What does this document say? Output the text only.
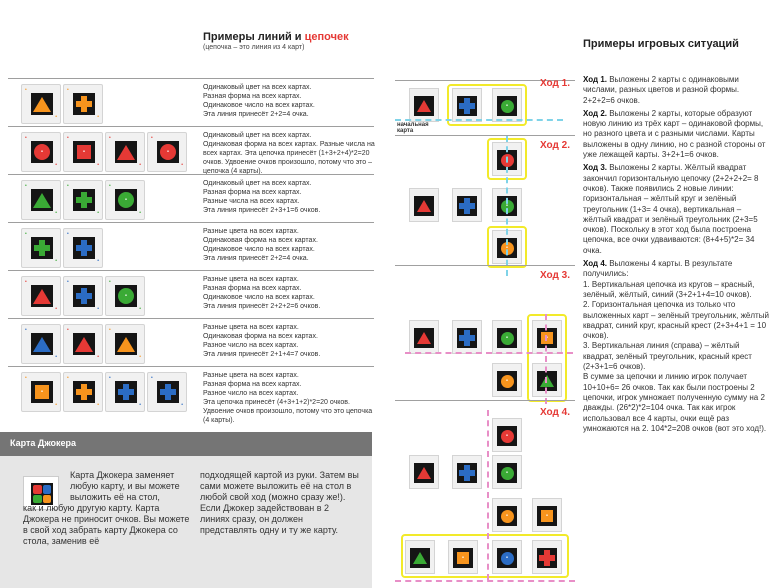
Примеры линий и цепочек
(цепочка – это линия из 4 карт)
•
•
•
•
Одинаковый цвет на всех картах.
Разная форма на всех картах.
Одинаковое число на всех картах.
Эта линия принесёт 2+2=4 очка.
•
•
•
•
•
•
•
•
•
•
•
Одинаковый цвет на всех картах.
Одинаковая форма на всех картах. Разные числа на всех картах. Эта цепочка принесёт (1+3+2+4)*2=20 очков. Удвоение очков произошло, потому что это – цепочка (4 карты).
•
•
•
•
•
•
•
Одинаковый цвет на всех картах.
Разная форма на всех картах.
Разные числа на всех картах.
Эта линия принесёт 2+3+1=6 очков.
•
•
•
•
Разные цвета на всех картах.
Одинаковая форма на всех картах.
Одинаковое число на всех картах.
Эта линия принесёт 2+2=4 очка.
•
•
•
•
•
•
•
Разные цвета на всех картах.
Разная форма на всех картах.
Одинаковое число на всех картах.
Эта линия принесёт 2+2+2=6 очков.
•
•
•
•
•
•
Разные цвета на всех картах.
Одинаковая форма на всех картах.
Разное число на всех картах.
Эта линия принесёт 2+1+4=7 очков.
•
•
•
•
•
•
•
•
•
Разные цвета на всех картах.
Разная форма на всех картах.
Разное число на всех картах.
Эта цепочка принесёт (4+3+1+2)*2=20 очков.
Удвоение очков произошло, потому что это цепочка (4 карты).
Карта Джокера
Карта Джокера заменяет любую карту, и вы можете выложить её на стол,
как и любую другую карту. Карта Джокера не приносит очков. Вы можете в свой ход забрать карту Джокера со стола, заменив её
подходящей картой из руки. Затем вы сами можете выложить её на стол в любой свой ход (можно сразу же!). Если Джокер задействован в 2 линиях сразу, он должен представлять одну и ту же карту.
Примеры игровых ситуаций
начальная
карта
Ход 1.
•
Ход 2.
•
•
•
Ход 3.
•	•
•
Ход 4.
•
•
•	•
•	•

Ход 1. Выложены 2 карты с одинаковыми числами, разных цветов и разной формы. 2+2+2=6 очков.

Ход 2. Выложены 2 карты, которые образуют новую линию из трёх карт – одинаковой формы, но разного цвета и с разными числами. Карты выложены в одну линию, но с разной стороны от уже лежащей карты. 3+2+1=6 очков.

Ход 3. Выложены 2 карты. Жёлтый квадрат закончил горизонтальную цепочку (2+2+2+2= 8 очков). Также появились 2 новые линии: горизонтальная – жёлтый круг и зелёный треугольник (1+3= 4 очка), вертикальная – жёлтый квадрат и зелёный треугольник (2+3=5 очков). Поскольку в этот ход была построена цепочка, все очки удваиваются: (8+4+5)*2= 34 очка.

Ход 4. Выложены 4 карты. В результате получились:
1. Вертикальная цепочка из кругов – красный, зелёный, жёлтый, синий (3+2+1+4=10 очков).
2. Горизонтальная цепочка из только что выложенных карт – зелёный треугольник, жёлтый квадрат, синий круг, красный крест (2+3+4+1 = 10 очков).
3. Вертикальная линия (справа) – жёлтый квадрат, зелёный треугольник, красный крест (2+3+1=6 очков).
В сумме за цепочки и линию игрок получает 10+10+6= 26 очков. Так как были построены 2 цепочки, игрок умножает полученную сумму на 2 дважды. (26*2)*2=104 очка. Так как игрок использовал все 4 карты, очки ещё раз умножаются на 2. 104*2=208 очков (вот это ход!).
